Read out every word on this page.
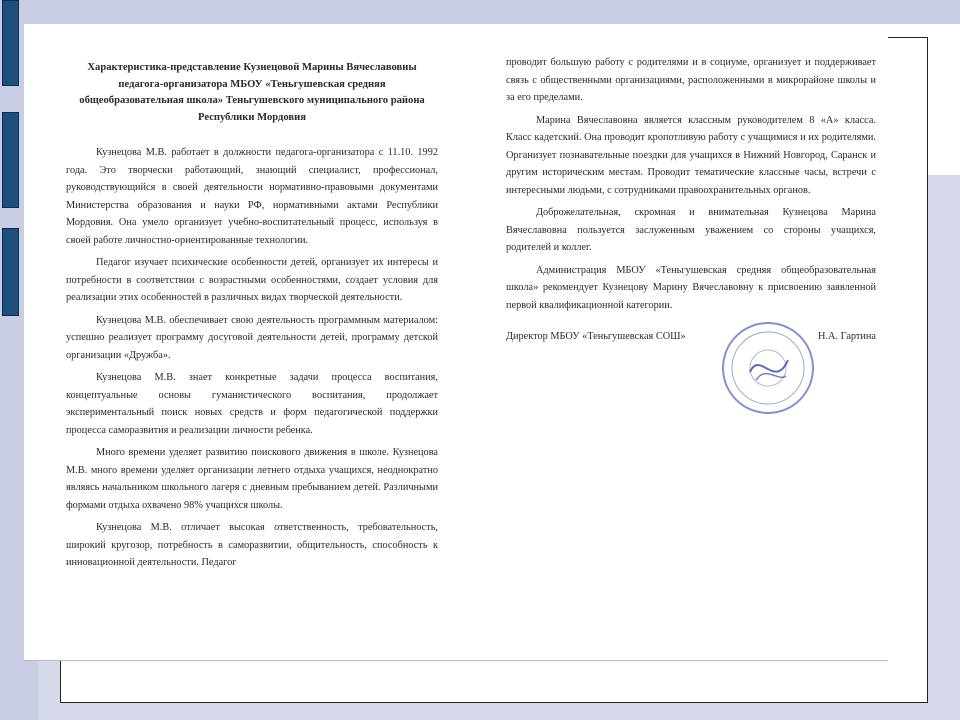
Характеристика-представление Кузнецовой Марины Вячеславовны педагога-организатора МБОУ «Теньгушевская средняя общеобразовательная школа» Теньгушевского муниципального района Республики Мордовия

Кузнецова М.В. работает в должности педагога-организатора с 11.10. 1992 года. Это творчески работающий, знающий специалист, профессионал, руководствующийся в своей деятельности нормативно-правовыми документами Министерства образования и науки РФ, нормативными актами Республики Мордовия. Она умело организует учебно-воспитательный процесс, используя в своей работе личностно-ориентированные технологии.

Педагог изучает психические особенности детей, организует их интересы и потребности в соответствии с возрастными особенностями, создает условия для реализации этих особенностей в различных видах творческой деятельности.

Кузнецова М.В. обеспечивает свою деятельность программным материалом: успешно реализует программу досуговой деятельности детей, программу детской организации «Дружба».

Кузнецова М.В. знает конкретные задачи процесса воспитания, концептуальные основы гуманистического воспитания, продолжает экспериментальный поиск новых средств и форм педагогической поддержки процесса саморазвития и реализации личности ребенка.

Много времени уделяет развитию поискового движения в школе. Кузнецова М.В. много времени уделяет организации летнего отдыха учащихся, неоднократно являясь начальником школьного лагеря с дневным пребыванием детей. Различными формами отдыха охвачено 98% учащихся школы.

Кузнецова М.В. отличает высокая ответственность, требовательность, широкий кругозор, потребность в саморазвитии, общительность, способность к инновационной деятельности. Педагог

проводит большую работу с родителями и в социуме, организует и поддерживает связь с общественными организациями, расположенными в микрорайоне школы и за его пределами.

Марина Вячеславовна является классным руководителем 8 «А» класса. Класс кадетский. Она проводит кропотливую работу с учащимися и их родителями. Организует познавательные поездки для учащихся в Нижний Новгород, Саранск и другим историческим местам. Проводит тематические классные часы, встречи с интересными людьми, с сотрудниками правоохранительных органов.

Доброжелательная, скромная и внимательная Кузнецова Марина Вячеславовна пользуется заслуженным уважением со стороны учащихся, родителей и коллег.

Администрация МБОУ «Теньгушевская средняя общеобразовательная школа» рекомендует Кузнецову Марину Вячеславовну к присвоению заявленной первой квалификационной категории.

Директор МБОУ «Теньгушевская СОШ»	Н.А. Гартина
